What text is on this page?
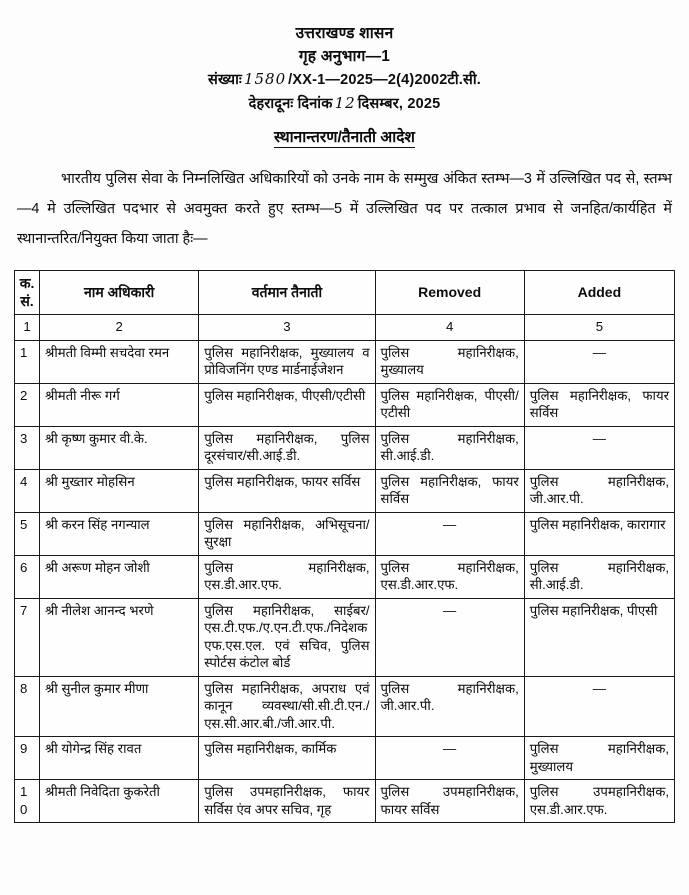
उत्तराखण्ड शासन
गृह अनुभाग—1
संख्याः 1580 /XX-1—2025—2(4)2002टी.सी.
देहरादूनः दिनांक 12 दिसम्बर, 2025
स्थानान्तरण/तैनाती आदेश
भारतीय पुलिस सेवा के निम्नलिखित अधिकारियों को उनके नाम के सम्मुख अंकित स्तम्भ—3 में उल्लिखित पद से, स्तम्भ—4 मे उल्लिखित पदभार से अवमुक्त करते हुए स्तम्भ—5 में उल्लिखित पद पर तत्काल प्रभाव से जनहित/कार्यहित में स्थानान्तरित/नियुक्त किया जाता हैः—
क.सं.	नाम अधिकारी	वर्तमान तैनाती	Removed	Added
1	2	3	4	5
1	श्रीमती विम्मी सचदेवा रमन	पुलिस महानिरीक्षक, मुख्यालय व प्रोविजनिंग एण्ड मार्डनाईजेशन	पुलिस महानिरीक्षक, मुख्यालय	—
2	श्रीमती नीरू गर्ग	पुलिस महानिरीक्षक, पीएसी/एटीसी	पुलिस महानिरीक्षक, पीएसी/एटीसी	पुलिस महानिरीक्षक, फायर सर्विस
3	श्री कृष्ण कुमार वी.के.	पुलिस महानिरीक्षक, पुलिस दूरसंचार/सी.आई.डी.	पुलिस महानिरीक्षक, सी.आई.डी.	—
4	श्री मुख्तार मोहसिन	पुलिस महानिरीक्षक, फायर सर्विस	पुलिस महानिरीक्षक, फायर सर्विस	पुलिस महानिरीक्षक, जी.आर.पी.
5	श्री करन सिंह नगन्याल	पुलिस महानिरीक्षक, अभिसूचना/सुरक्षा	—	पुलिस महानिरीक्षक, कारागार
6	श्री अरूण मोहन जोशी	पुलिस महानिरीक्षक, एस.डी.आर.एफ.	पुलिस महानिरीक्षक, एस.डी.आर.एफ.	पुलिस महानिरीक्षक, सी.आई.डी.
7	श्री नीलेश आनन्द भरणे	पुलिस महानिरीक्षक, साईबर/एस.टी.एफ./ए.एन.टी.एफ./निदेशक एफ.एस.एल. एवं सचिव, पुलिस स्पोर्टस कंटोल बोर्ड	—	पुलिस महानिरीक्षक, पीएसी
8	श्री सुनील कुमार मीणा	पुलिस महानिरीक्षक, अपराध एवं कानून व्यवस्था/सी.सी.टी.एन./एस.सी.आर.बी./जी.आर.पी.	पुलिस महानिरीक्षक, जी.आर.पी.	—
9	श्री योगेन्द्र सिंह रावत	पुलिस महानिरीक्षक, कार्मिक	—	पुलिस महानिरीक्षक, मुख्यालय
10	श्रीमती निवेदिता कुकरेती	पुलिस उपमहानिरीक्षक, फायर सर्विस एंव अपर सचिव, गृह	पुलिस उपमहानिरीक्षक, फायर सर्विस	पुलिस उपमहानिरीक्षक, एस.डी.आर.एफ.
